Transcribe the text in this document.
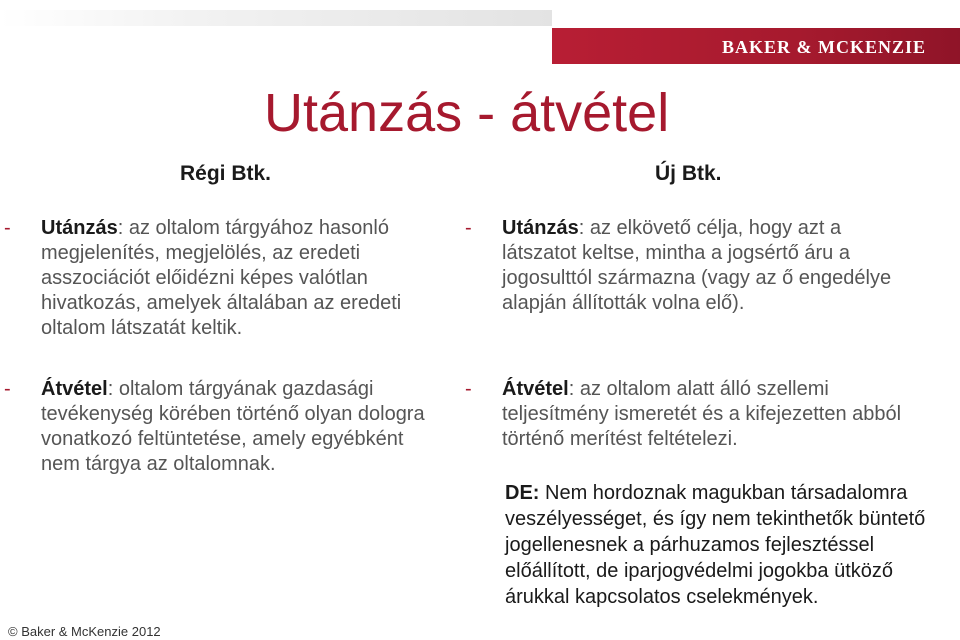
BAKER & MCKENZIE
Utánzás - átvétel
Régi Btk.	Új Btk.
- Utánzás: az oltalom tárgyához hasonló megjelenítés, megjelölés, az eredeti asszociációt előidézni képes valótlan hivatkozás, amelyek általában az eredeti oltalom látszatát keltik.
- Átvétel: oltalom tárgyának gazdasági tevékenység körében történő olyan dologra vonatkozó feltüntetése, amely egyébként nem tárgya az oltalomnak.
- Utánzás: az elkövető célja, hogy azt a látszatot keltse, mintha a jogsértő áru a jogosulttól származna (vagy az ő engedélye alapján állították volna elő).
- Átvétel: az oltalom alatt álló szellemi teljesítmény ismeretét és a kifejezetten abból történő merítést feltételezi.
DE: Nem hordoznak magukban társadalomra veszélyességet, és így nem tekinthetők büntető jogellenesnek a párhuzamos fejlesztéssel előállított, de iparjogvédelmi jogokba ütköző árukkal kapcsolatos cselekmények.
© Baker & McKenzie 2012
